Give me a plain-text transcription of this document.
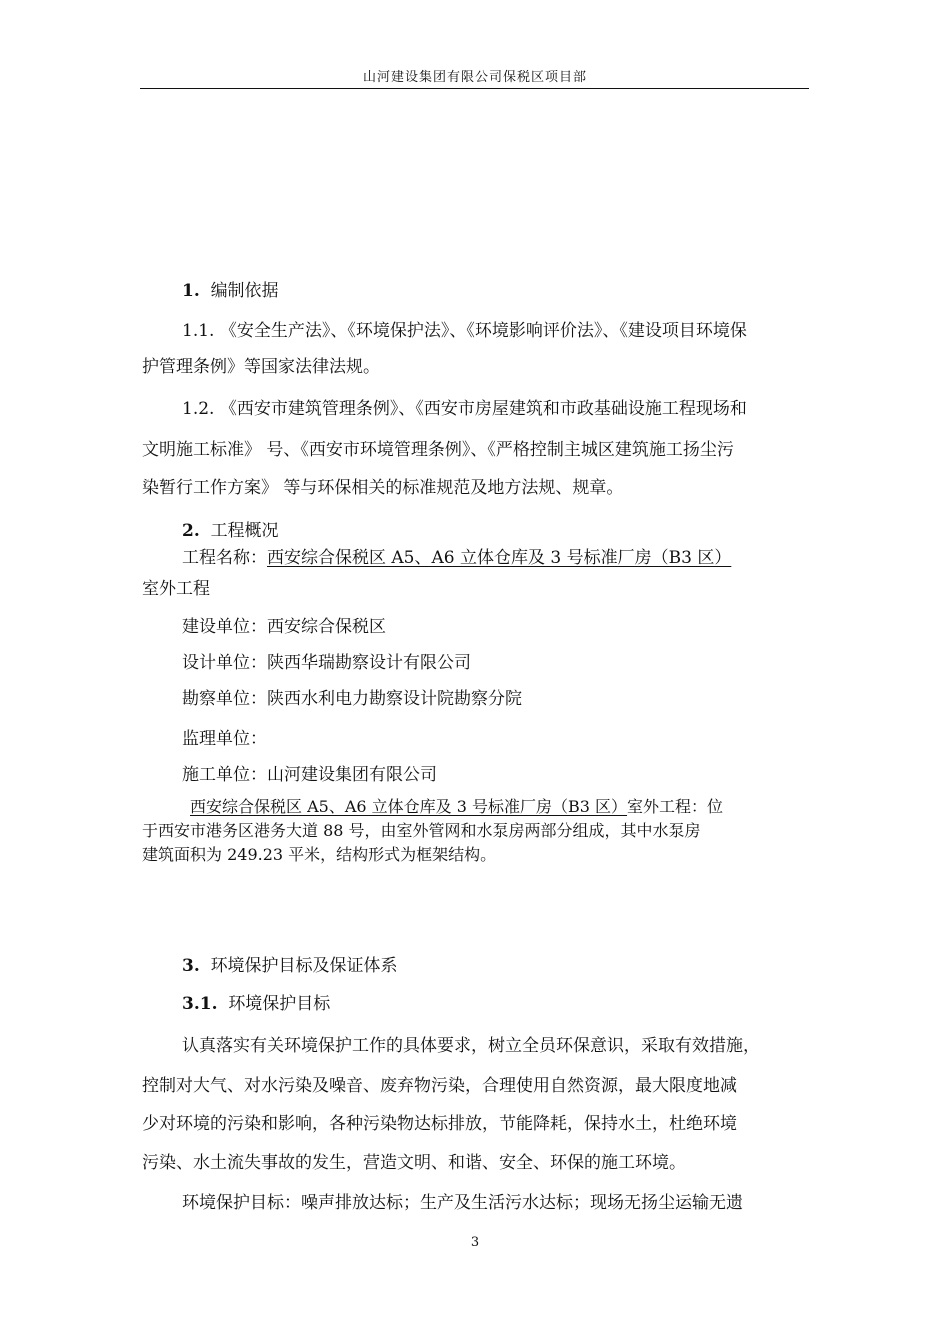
山河建设集团有限公司保税区项目部
1. 编制依据
1.1. 《安全生产法》、《环境保护法》、《环境影响评价法》、《建设项目环境保
护管理条例》等国家法律法规。
1.2. 《西安市建筑管理条例》、《西安市房屋建筑和市政基础设施工程现场和
文明施工标准》 号、《西安市环境管理条例》、《严格控制主城区建筑施工扬尘污
染暂行工作方案》 等与环保相关的标准规范及地方法规、规章。
2. 工程概况
工程名称：西安综合保税区 A5、A6 立体仓库及 3 号标准厂房（B3 区）
室外工程
建设单位：西安综合保税区
设计单位：陕西华瑞勘察设计有限公司
勘察单位：陕西水利电力勘察设计院勘察分院
监理单位：
施工单位：山河建设集团有限公司
西安综合保税区 A5、A6 立体仓库及 3 号标准厂房（B3 区）室外工程：位
于西安市港务区港务大道 88 号，由室外管网和水泵房两部分组成，其中水泵房
建筑面积为 249.23 平米，结构形式为框架结构。
3. 环境保护目标及保证体系
3.1. 环境保护目标
认真落实有关环境保护工作的具体要求，树立全员环保意识，采取有效措施，
控制对大气、对水污染及噪音、废弃物污染，合理使用自然资源，最大限度地减
少对环境的污染和影响，各种污染物达标排放，节能降耗，保持水土，杜绝环境
污染、水土流失事故的发生，营造文明、和谐、安全、环保的施工环境。
环境保护目标：噪声排放达标；生产及生活污水达标；现场无扬尘运输无遗
3
